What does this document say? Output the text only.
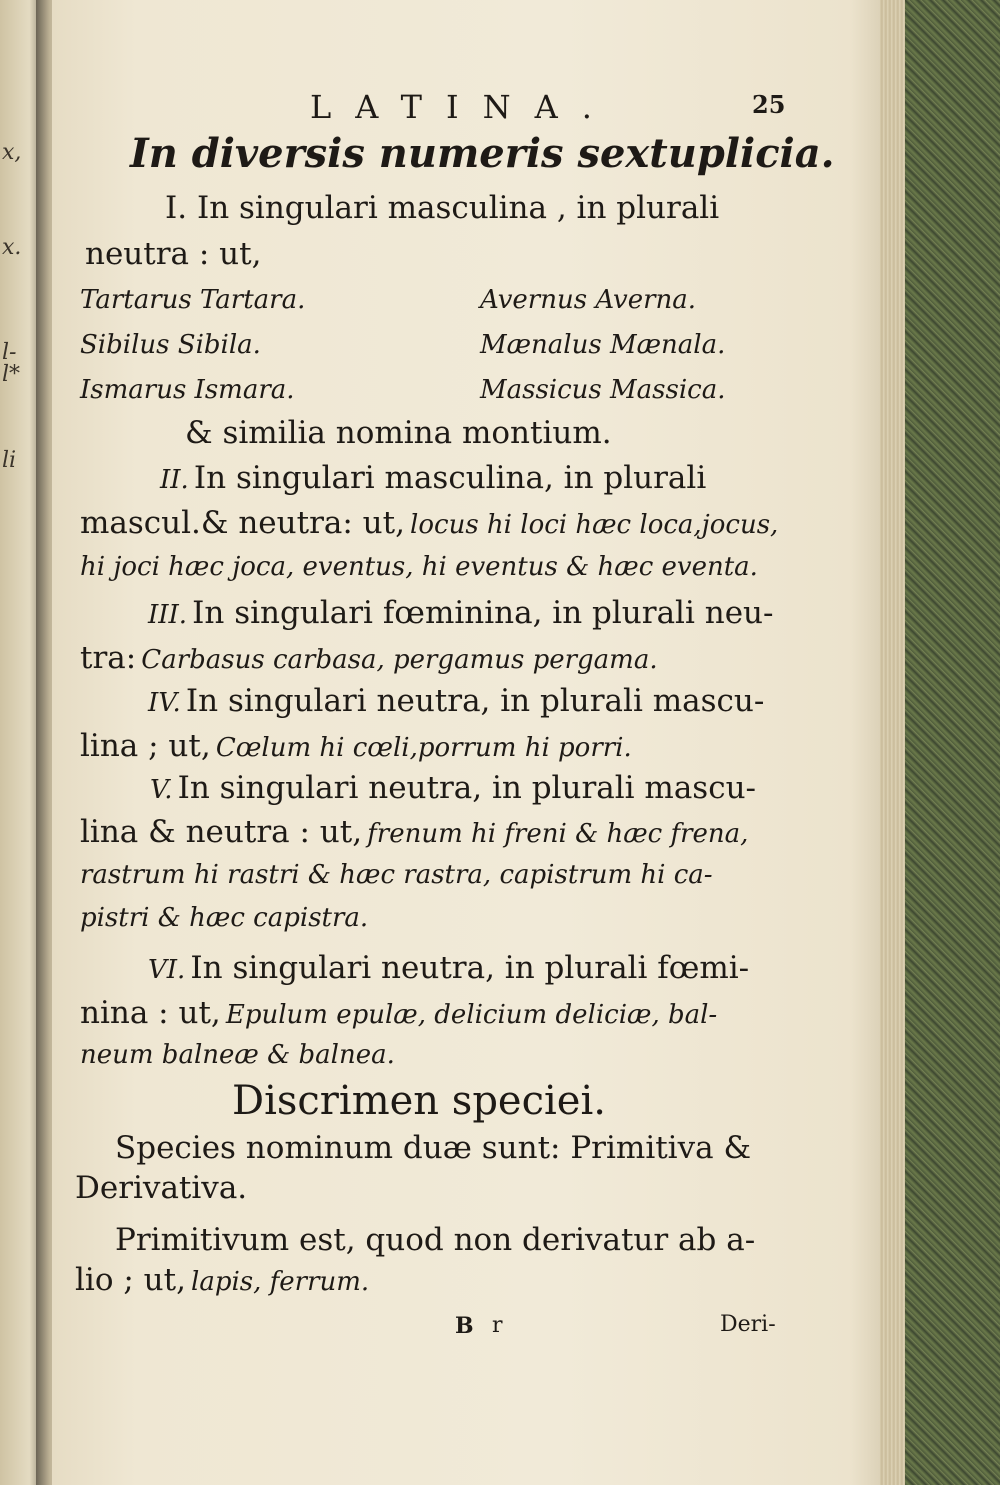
x,
x.
l-
l*
li
LATINA.	25
In diversis numeris sextuplicia.
I. In singulari masculina , in plurali
neutra : ut,
Tartarus Tartara.	Avernus Averna.
Sibilus Sibila.	Mænalus Mænala.
Ismarus Ismara.	Massicus Massica.
& similia nomina montium.
II. In singulari masculina, in plurali
mascul.& neutra: ut, locus hi loci hæc loca,jocus,
hi joci hæc joca, eventus, hi eventus & hæc eventa.
III. In singulari fœminina, in plurali neu-
tra: Carbasus carbasa, pergamus pergama.
IV. In singulari neutra, in plurali mascu-
lina ; ut, Cœlum hi cœli,porrum hi porri.
V. In singulari neutra, in plurali mascu-
lina & neutra : ut, frenum hi freni & hæc frena,
rastrum hi rastri & hæc rastra, capistrum hi ca-
pistri & hæc capistra.
VI. In singulari neutra, in plurali fœmi-
nina : ut, Epulum epulæ, delicium deliciæ, bal-
neum balneæ & balnea.
Discrimen speciei.
Species nominum duæ sunt: Primitiva &
Derivativa.
Primitivum est, quod non derivatur ab a-
lio ; ut, lapis, ferrum.
B r	Deri-
